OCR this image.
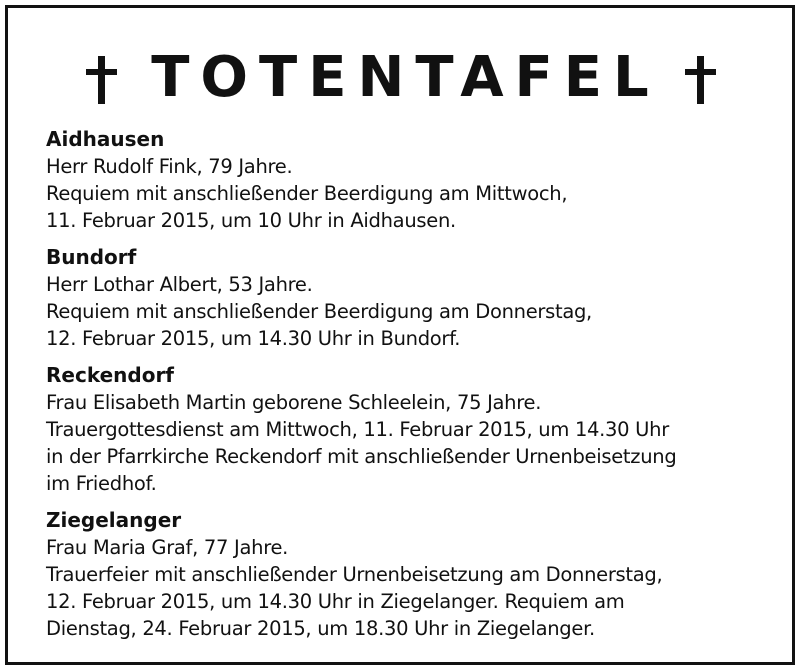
TOTENTAFEL

Aidhausen

Herr Rudolf Fink, 79 Jahre.

Requiem mit anschließender Beerdigung am Mittwoch,

11. Februar 2015, um 10 Uhr in Aidhausen.

Bundorf

Herr Lothar Albert, 53 Jahre.

Requiem mit anschließender Beerdigung am Donnerstag,

12. Februar 2015, um 14.30 Uhr in Bundorf.

Reckendorf

Frau Elisabeth Martin geborene Schleelein, 75 Jahre.

Trauergottesdienst am Mittwoch, 11. Februar 2015, um 14.30 Uhr

in der Pfarrkirche Reckendorf mit anschließender Urnenbeisetzung

im Friedhof.

Ziegelanger

Frau Maria Graf, 77 Jahre.

Trauerfeier mit anschließender Urnenbeisetzung am Donnerstag,

12. Februar 2015, um 14.30 Uhr in Ziegelanger. Requiem am

Dienstag, 24. Februar 2015, um 18.30 Uhr in Ziegelanger.
